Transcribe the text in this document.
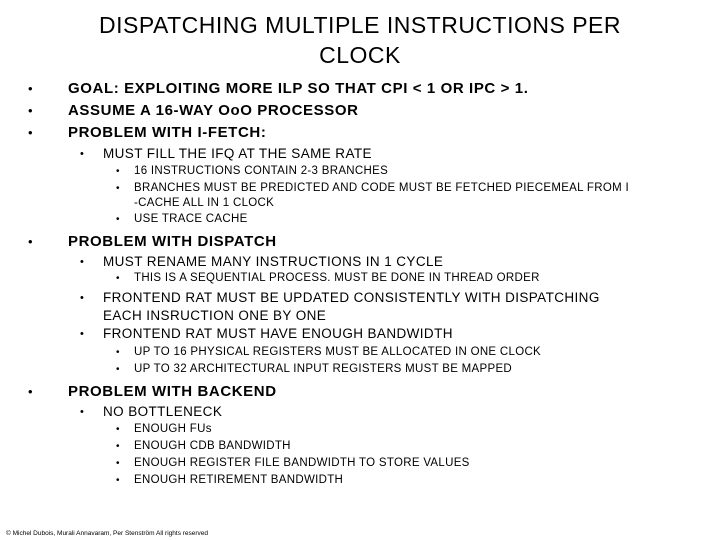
DISPATCHING MULTIPLE INSTRUCTIONS PER
CLOCK
• GOAL: EXPLOITING MORE ILP SO THAT CPI < 1 OR IPC > 1.
• ASSUME A 16-WAY OoO PROCESSOR
• PROBLEM WITH I-FETCH:
• MUST FILL THE IFQ AT THE SAME RATE
• 16 INSTRUCTIONS CONTAIN 2-3 BRANCHES
• BRANCHES MUST BE PREDICTED AND CODE MUST BE FETCHED PIECEMEAL FROM I
-CACHE ALL IN 1 CLOCK
• USE TRACE CACHE
• PROBLEM WITH DISPATCH
• MUST RENAME MANY INSTRUCTIONS IN 1 CYCLE
• THIS IS A SEQUENTIAL PROCESS. MUST BE DONE IN THREAD ORDER
• FRONTEND RAT MUST BE UPDATED CONSISTENTLY WITH DISPATCHING
EACH INSRUCTION ONE BY ONE
• FRONTEND RAT MUST HAVE ENOUGH BANDWIDTH
• UP TO 16 PHYSICAL REGISTERS MUST BE ALLOCATED IN ONE CLOCK
• UP TO 32 ARCHITECTURAL INPUT REGISTERS MUST BE MAPPED
• PROBLEM WITH BACKEND
• NO BOTTLENECK
• ENOUGH FUs
• ENOUGH CDB BANDWIDTH
• ENOUGH REGISTER FILE BANDWIDTH TO STORE VALUES
• ENOUGH RETIREMENT BANDWIDTH
© Michel Dubois, Murali Annavaram, Per Stenström All rights reserved
